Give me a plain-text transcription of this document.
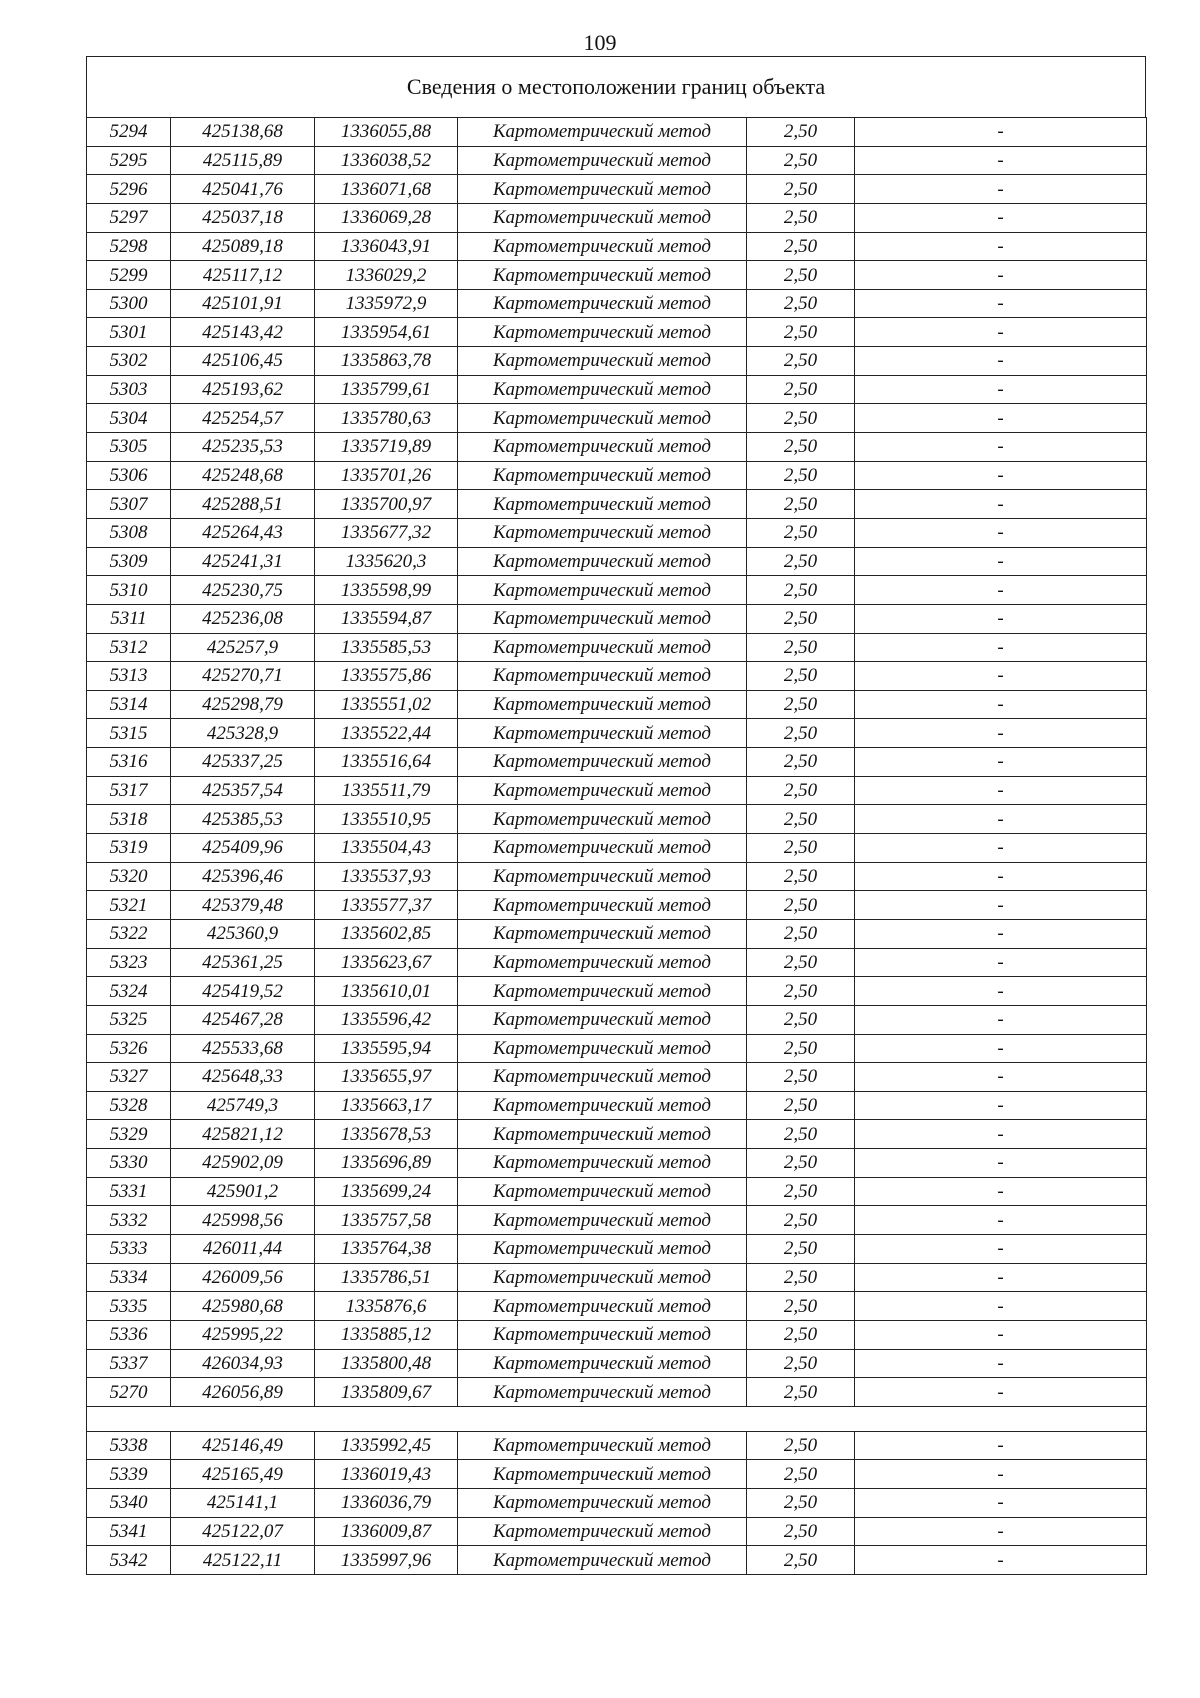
109
Сведения о местоположении границ объекта
5294	425138,68	1336055,88	Картометрический метод	2,50	-
5295	425115,89	1336038,52	Картометрический метод	2,50	-
5296	425041,76	1336071,68	Картометрический метод	2,50	-
5297	425037,18	1336069,28	Картометрический метод	2,50	-
5298	425089,18	1336043,91	Картометрический метод	2,50	-
5299	425117,12	1336029,2	Картометрический метод	2,50	-
5300	425101,91	1335972,9	Картометрический метод	2,50	-
5301	425143,42	1335954,61	Картометрический метод	2,50	-
5302	425106,45	1335863,78	Картометрический метод	2,50	-
5303	425193,62	1335799,61	Картометрический метод	2,50	-
5304	425254,57	1335780,63	Картометрический метод	2,50	-
5305	425235,53	1335719,89	Картометрический метод	2,50	-
5306	425248,68	1335701,26	Картометрический метод	2,50	-
5307	425288,51	1335700,97	Картометрический метод	2,50	-
5308	425264,43	1335677,32	Картометрический метод	2,50	-
5309	425241,31	1335620,3	Картометрический метод	2,50	-
5310	425230,75	1335598,99	Картометрический метод	2,50	-
5311	425236,08	1335594,87	Картометрический метод	2,50	-
5312	425257,9	1335585,53	Картометрический метод	2,50	-
5313	425270,71	1335575,86	Картометрический метод	2,50	-
5314	425298,79	1335551,02	Картометрический метод	2,50	-
5315	425328,9	1335522,44	Картометрический метод	2,50	-
5316	425337,25	1335516,64	Картометрический метод	2,50	-
5317	425357,54	1335511,79	Картометрический метод	2,50	-
5318	425385,53	1335510,95	Картометрический метод	2,50	-
5319	425409,96	1335504,43	Картометрический метод	2,50	-
5320	425396,46	1335537,93	Картометрический метод	2,50	-
5321	425379,48	1335577,37	Картометрический метод	2,50	-
5322	425360,9	1335602,85	Картометрический метод	2,50	-
5323	425361,25	1335623,67	Картометрический метод	2,50	-
5324	425419,52	1335610,01	Картометрический метод	2,50	-
5325	425467,28	1335596,42	Картометрический метод	2,50	-
5326	425533,68	1335595,94	Картометрический метод	2,50	-
5327	425648,33	1335655,97	Картометрический метод	2,50	-
5328	425749,3	1335663,17	Картометрический метод	2,50	-
5329	425821,12	1335678,53	Картометрический метод	2,50	-
5330	425902,09	1335696,89	Картометрический метод	2,50	-
5331	425901,2	1335699,24	Картометрический метод	2,50	-
5332	425998,56	1335757,58	Картометрический метод	2,50	-
5333	426011,44	1335764,38	Картометрический метод	2,50	-
5334	426009,56	1335786,51	Картометрический метод	2,50	-
5335	425980,68	1335876,6	Картометрический метод	2,50	-
5336	425995,22	1335885,12	Картометрический метод	2,50	-
5337	426034,93	1335800,48	Картометрический метод	2,50	-
5270	426056,89	1335809,67	Картометрический метод	2,50	-

5338	425146,49	1335992,45	Картометрический метод	2,50	-
5339	425165,49	1336019,43	Картометрический метод	2,50	-
5340	425141,1	1336036,79	Картометрический метод	2,50	-
5341	425122,07	1336009,87	Картометрический метод	2,50	-
5342	425122,11	1335997,96	Картометрический метод	2,50	-
